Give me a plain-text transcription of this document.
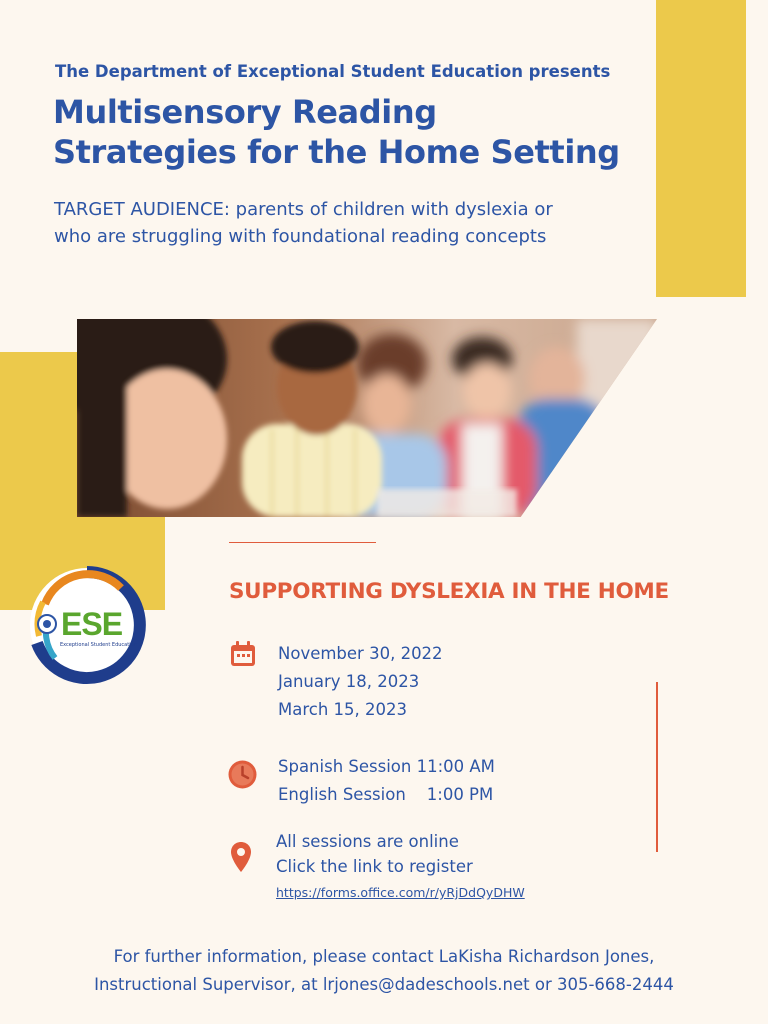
The Department of Exceptional Student Education presents
Multisensory Reading
Strategies for the Home Setting
TARGET AUDIENCE: parents of children with dyslexia or
who are struggling with foundational reading concepts
ESE
Exceptional Student Education
SUPPORTING DYSLEXIA IN THE HOME
November 30, 2022
January 18, 2023
March 15, 2023
Spanish Session 11:00 AM
English Session    1:00 PM
All sessions are online
Click the link to register
https://forms.office.com/r/yRjDdQyDHW
For further information, please contact LaKisha Richardson Jones,
Instructional Supervisor, at lrjones@dadeschools.net or 305-668-2444
